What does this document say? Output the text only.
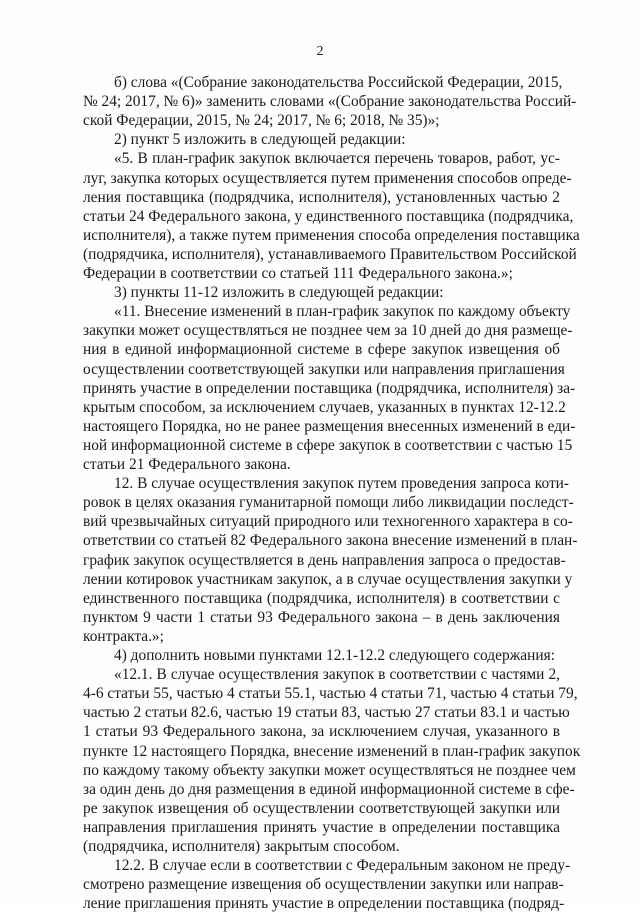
2
б) слова «(Собрание законодательства Российской Федерации, 2015,
№ 24; 2017, № 6)» заменить словами «(Собрание законодательства Россий-
ской Федерации, 2015, № 24; 2017, № 6; 2018, № 35)»;
2) пункт 5 изложить в следующей редакции:
«5. В план-график закупок включается перечень товаров, работ, ус-
луг, закупка которых осуществляется путем применения способов опреде-
ления поставщика (подрядчика, исполнителя), установленных частью 2
статьи 24 Федерального закона, у единственного поставщика (подрядчика,
исполнителя), а также путем применения способа определения поставщика
(подрядчика, исполнителя), устанавливаемого Правительством Российской
Федерации в соответствии со статьей 111 Федерального закона.»;
3) пункты 11-12 изложить в следующей редакции:
«11. Внесение изменений в план-график закупок по каждому объекту
закупки может осуществляться не позднее чем за 10 дней до дня размеще-
ния в единой информационной системе в сфере закупок извещения об
осуществлении соответствующей закупки или направления приглашения
принять участие в определении поставщика (подрядчика, исполнителя) за-
крытым способом, за исключением случаев, указанных в пунктах 12-12.2
настоящего Порядка, но не ранее размещения внесенных изменений в еди-
ной информационной системе в сфере закупок в соответствии с частью 15
статьи 21 Федерального закона.
12. В случае осуществления закупок путем проведения запроса коти-
ровок в целях оказания гуманитарной помощи либо ликвидации последст-
вий чрезвычайных ситуаций природного или техногенного характера в со-
ответствии со статьей 82 Федерального закона внесение изменений в план-
график закупок осуществляется в день направления запроса о предостав-
лении котировок участникам закупок, а в случае осуществления закупки у
единственного поставщика (подрядчика, исполнителя) в соответствии с
пунктом 9 части 1 статьи 93 Федерального закона – в день заключения
контракта.»;
4) дополнить новыми пунктами 12.1-12.2 следующего содержания:
«12.1. В случае осуществления закупок в соответствии с частями 2,
4-6 статьи 55, частью 4 статьи 55.1, частью 4 статьи 71, частью 4 статьи 79,
частью 2 статьи 82.6, частью 19 статьи 83, частью 27 статьи 83.1 и частью
1 статьи 93 Федерального закона, за исключением случая, указанного в
пункте 12 настоящего Порядка, внесение изменений в план-график закупок
по каждому такому объекту закупки может осуществляться не позднее чем
за один день до дня размещения в единой информационной системе в сфе-
ре закупок извещения об осуществлении соответствующей закупки или
направления приглашения принять участие в определении поставщика
(подрядчика, исполнителя) закрытым способом.
12.2. В случае если в соответствии с Федеральным законом не преду-
смотрено размещение извещения об осуществлении закупки или направ-
ление приглашения принять участие в определении поставщика (подряд-
